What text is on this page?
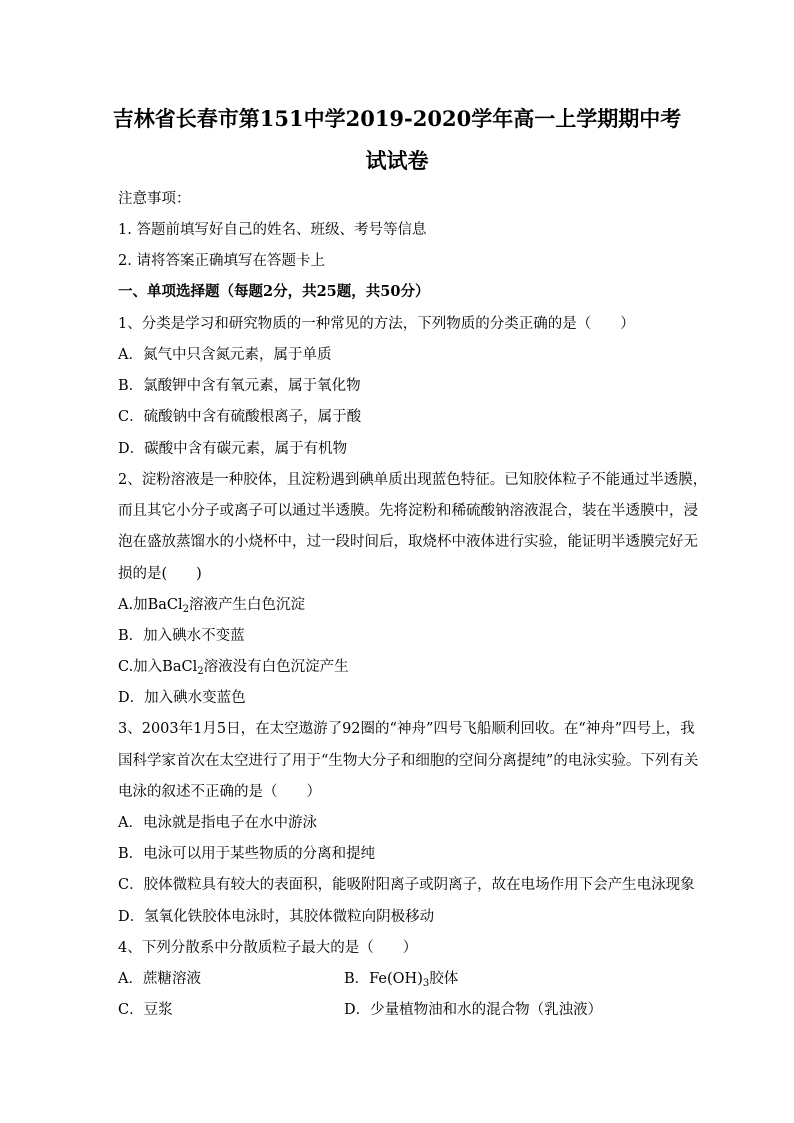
吉林省长春市第151中学2019-2020学年高一上学期期中考
试试卷
注意事项：
1. 答题前填写好自己的姓名、班级、考号等信息
2. 请将答案正确填写在答题卡上
一、单项选择题（每题2分，共25题，共50分）
1、分类是学习和研究物质的一种常见的方法，下列物质的分类正确的是（　　）
A．氮气中只含氮元素，属于单质
B．氯酸钾中含有氧元素，属于氧化物
C．硫酸钠中含有硫酸根离子，属于酸
D．碳酸中含有碳元素，属于有机物
2、淀粉溶液是一种胶体，且淀粉遇到碘单质出现蓝色特征。已知胶体粒子不能通过半透膜，
而且其它小分子或离子可以通过半透膜。先将淀粉和稀硫酸钠溶液混合，装在半透膜中，浸
泡在盛放蒸馏水的小烧杯中，过一段时间后，取烧杯中液体进行实验，能证明半透膜完好无
损的是(　　)
A.加BaCl$_2$溶液产生白色沉淀
B．加入碘水不变蓝
C.加入BaCl$_2$溶液没有白色沉淀产生
D．加入碘水变蓝色
3、2003年1月5日，在太空遨游了92圈的“神舟”四号飞船顺利回收。在“神舟”四号上，我
国科学家首次在太空进行了用于“生物大分子和细胞的空间分离提纯”的电泳实验。下列有关
电泳的叙述不正确的是（　　）
A．电泳就是指电子在水中游泳
B．电泳可以用于某些物质的分离和提纯
C．胶体微粒具有较大的表面积，能吸附阳离子或阴离子，故在电场作用下会产生电泳现象
D．氢氧化铁胶体电泳时，其胶体微粒向阴极移动
4、下列分散系中分散质粒子最大的是（　　）
A．蔗糖溶液	B．$Fe(OH)_3$胶体
C．豆浆	D．少量植物油和水的混合物（乳浊液）
